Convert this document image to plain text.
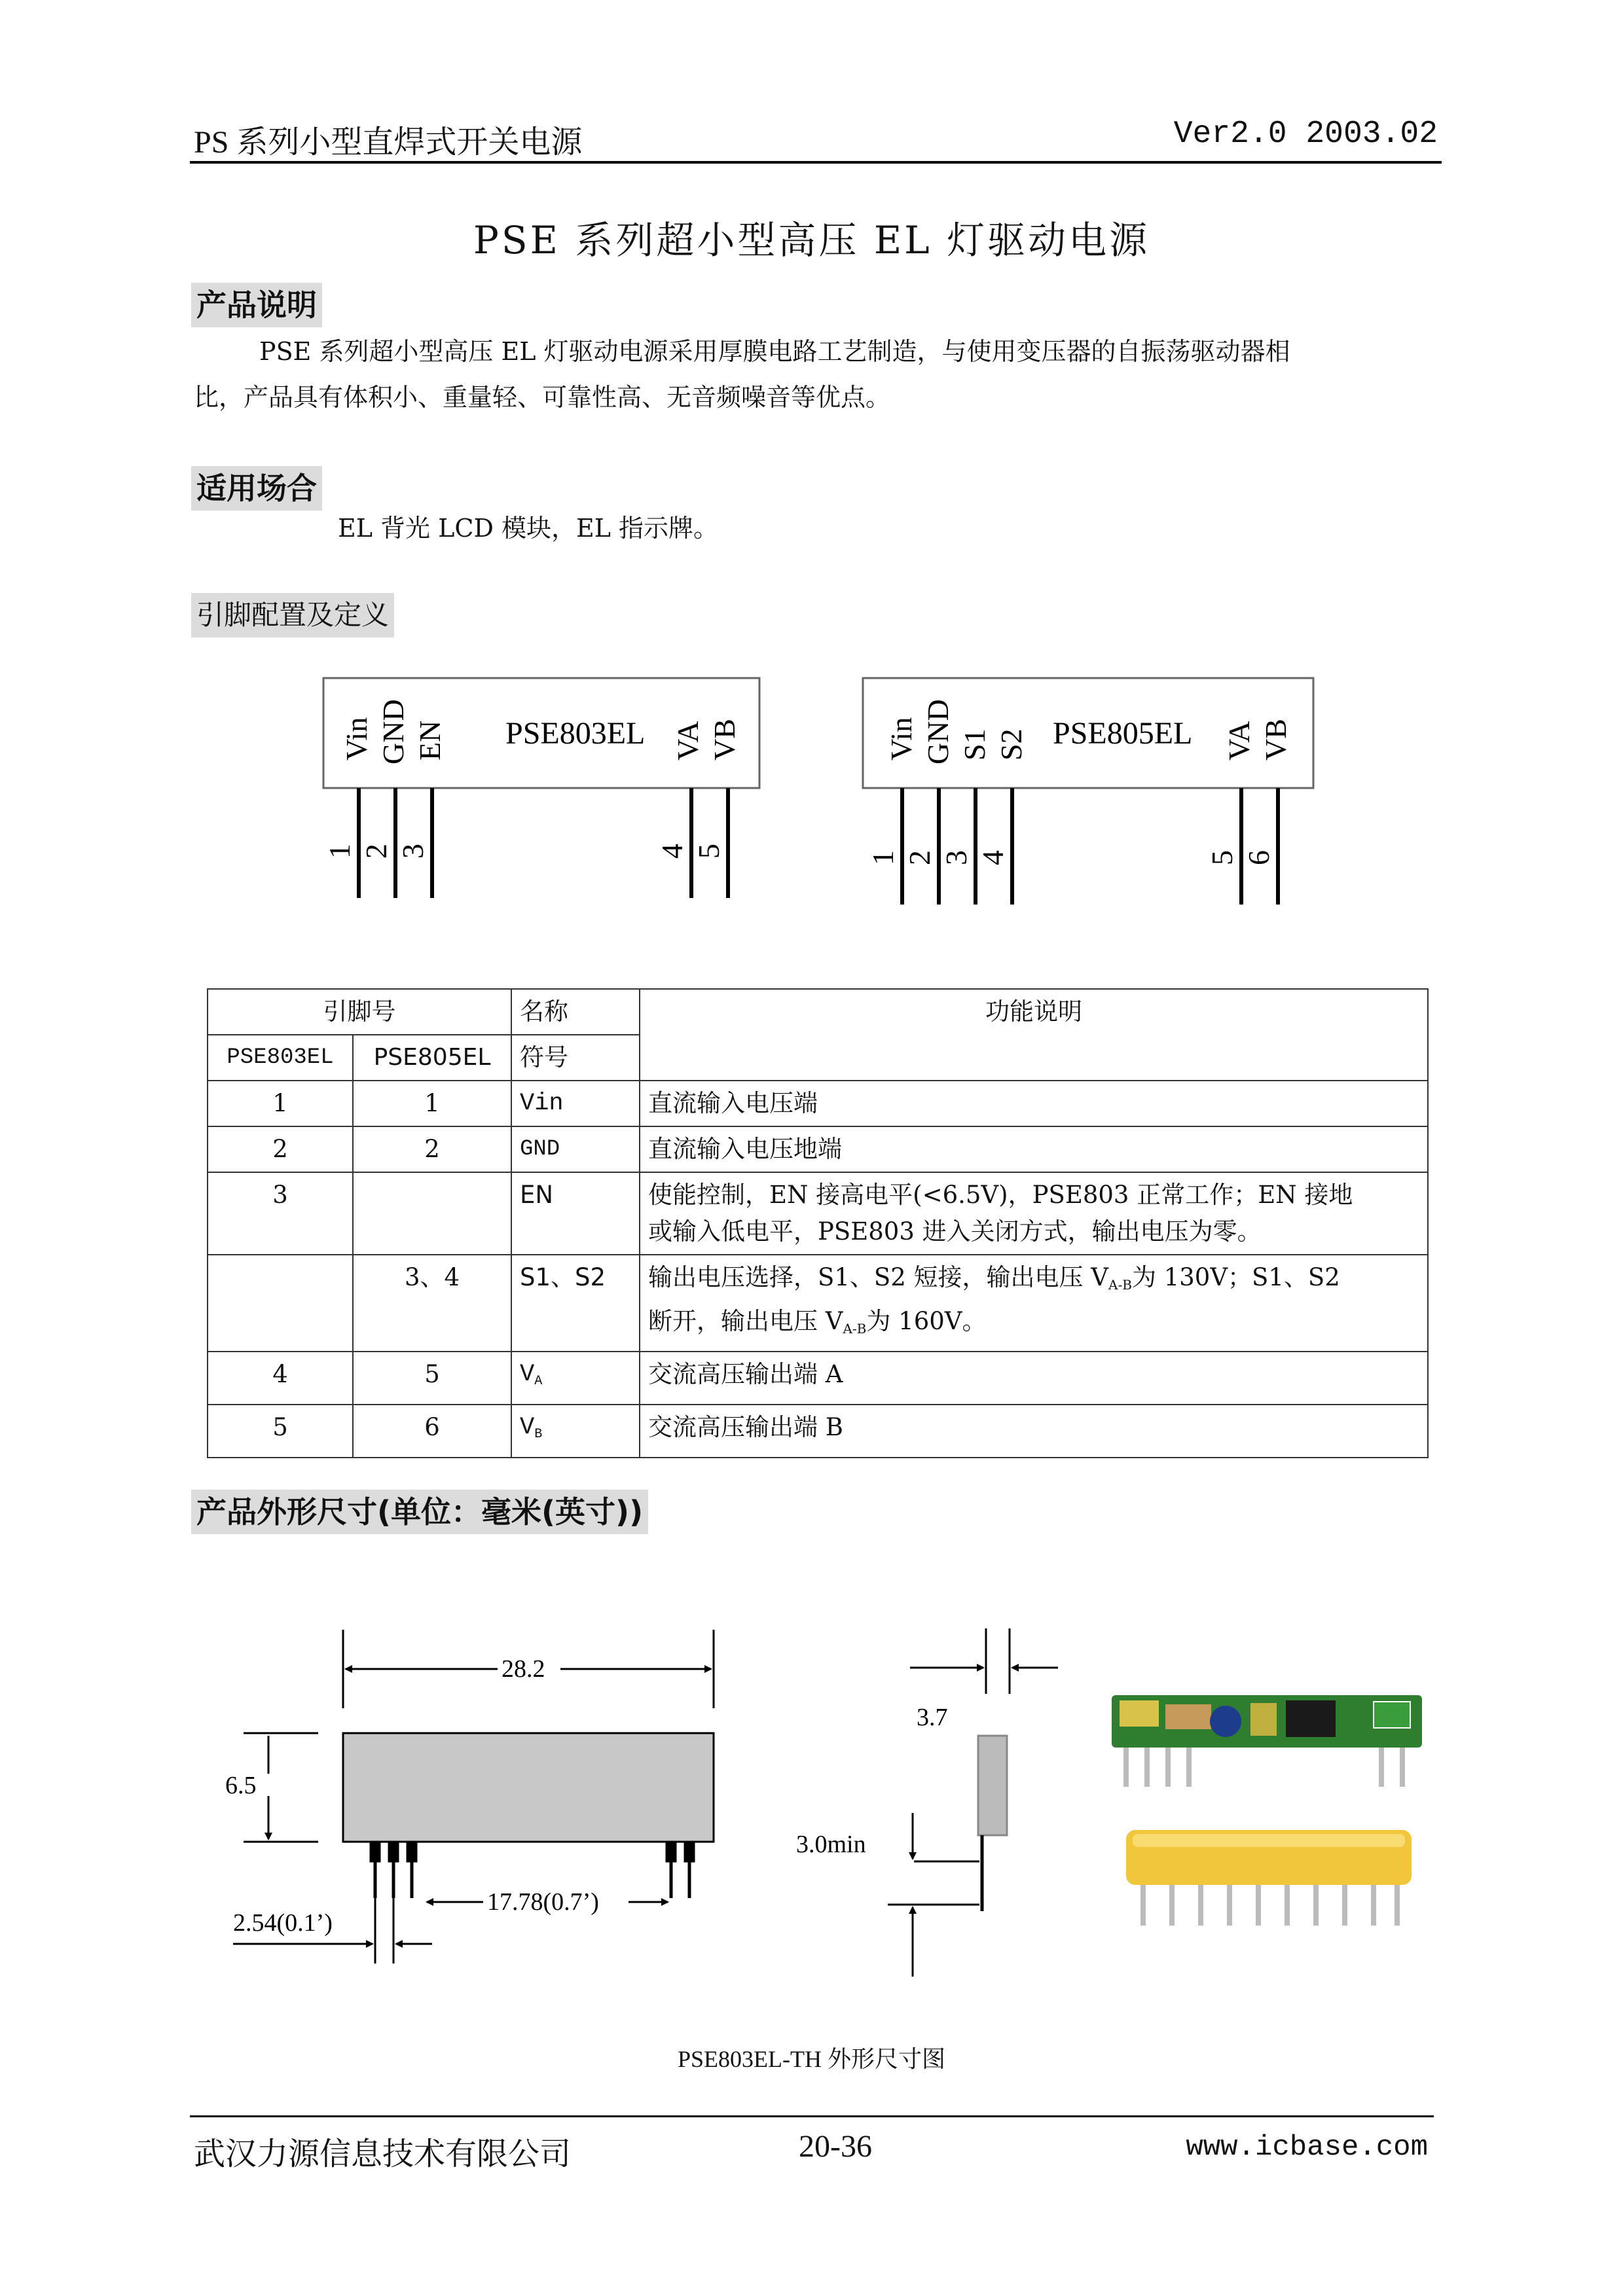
PS 系列小型直焊式开关电源	Ver2.0 2003.02
PSE 系列超小型高压 EL 灯驱动电源
产品说明
PSE 系列超小型高压 EL 灯驱动电源采用厚膜电路工艺制造，与使用变压器的自振荡驱动器相
比，产品具有体积小、重量轻、可靠性高、无音频噪音等优点。
适用场合
EL 背光 LCD 模块，EL 指示牌。
引脚配置及定义
PSE803EL
Vin GND EN	VA VB
1 2 3	4 5
PSE805EL
Vin GND S1 S2	VA VB
1 2 3 4	5 6
引脚号		名称	功能说明
PSE803EL	PSE805EL	符号	
1	1	Vin	直流输入电压端
2	2	GND	直流输入电压地端
3		EN	使能控制，EN 接高电平(<6.5V)，PSE803 正常工作；EN 接地
或输入低电平，PSE803 进入关闭方式，输出电压为零。

	3、4	S1、S2	输出电压选择，S1、S2 短接，输出电压 $V_{A-B}$为 130V；S1、S2
断开，输出电压 $V_{A-B}$为 160V。

4	5	$V_A$	交流高压输出端 A
5	6	$V_B$	交流高压输出端 B
产品外形尺寸(单位：毫米(英寸))
28.2
6.5
17.78(0.7’)
2.54(0.1’)
3.7
3.0min
PSE803EL-TH 外形尺寸图
武汉力源信息技术有限公司	20-36	www.icbase.com
